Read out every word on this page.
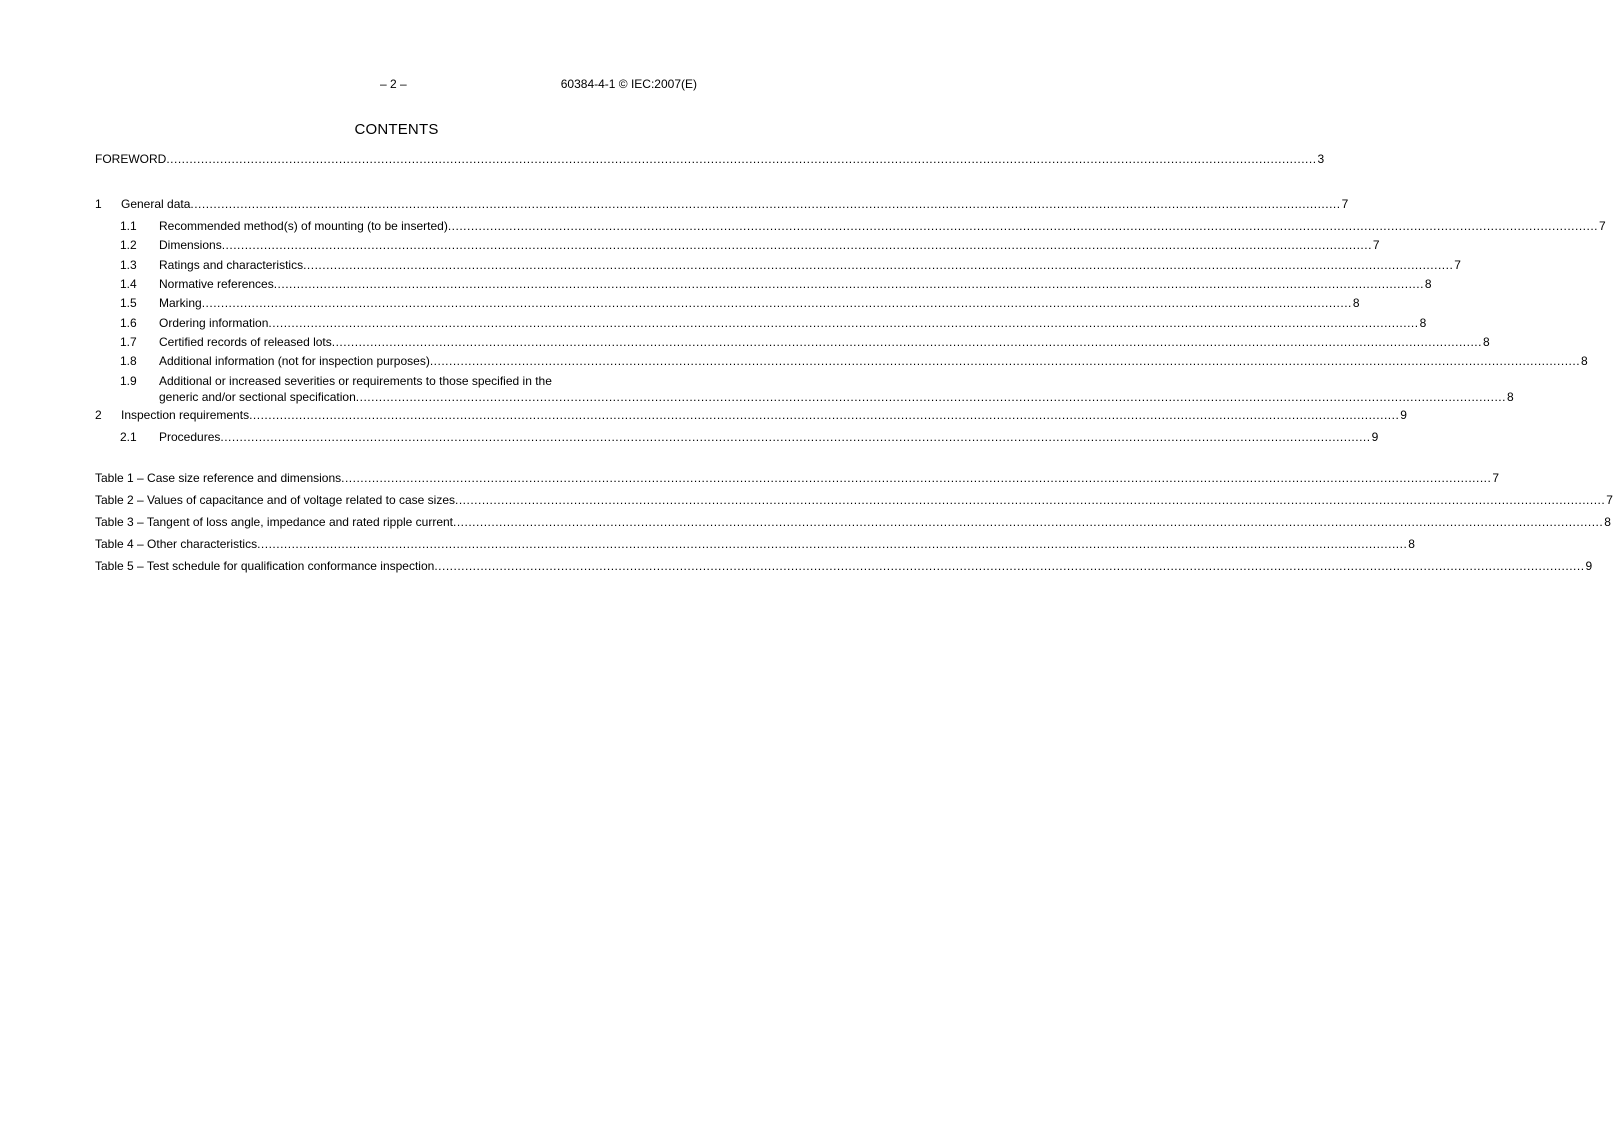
– 2 –	60384-4-1 © IEC:2007(E)
CONTENTS
FOREWORD ............................................................................................................................................................................................................................................................................................................ 3
1 General data ............................................................................................................................................................................................................................................................................................................ 7
1.1 Recommended method(s) of mounting (to be inserted) ............................................................................................................................................................................................................................................................................................................ 7
1.2 Dimensions ............................................................................................................................................................................................................................................................................................................ 7
1.3 Ratings and characteristics ............................................................................................................................................................................................................................................................................................................ 7
1.4 Normative references ............................................................................................................................................................................................................................................................................................................ 8
1.5 Marking ............................................................................................................................................................................................................................................................................................................ 8
1.6 Ordering information ............................................................................................................................................................................................................................................................................................................ 8
1.7 Certified records of released lots ............................................................................................................................................................................................................................................................................................................ 8
1.8 Additional information (not for inspection purposes) ............................................................................................................................................................................................................................................................................................................ 8
1.9 Additional or increased severities or requirements to those specified in the
generic and/or sectional specification ............................................................................................................................................................................................................................................................................................................ 8
2 Inspection requirements ............................................................................................................................................................................................................................................................................................................ 9
2.1 Procedures ............................................................................................................................................................................................................................................................................................................ 9
Table 1 – Case size reference and dimensions ............................................................................................................................................................................................................................................................................................................ 7
Table 2 – Values of capacitance and of voltage related to case sizes ............................................................................................................................................................................................................................................................................................................ 7
Table 3 – Tangent of loss angle, impedance and rated ripple current ............................................................................................................................................................................................................................................................................................................ 8
Table 4 – Other characteristics ............................................................................................................................................................................................................................................................................................................ 8
Table 5 – Test schedule for qualification conformance inspection ............................................................................................................................................................................................................................................................................................................ 9
